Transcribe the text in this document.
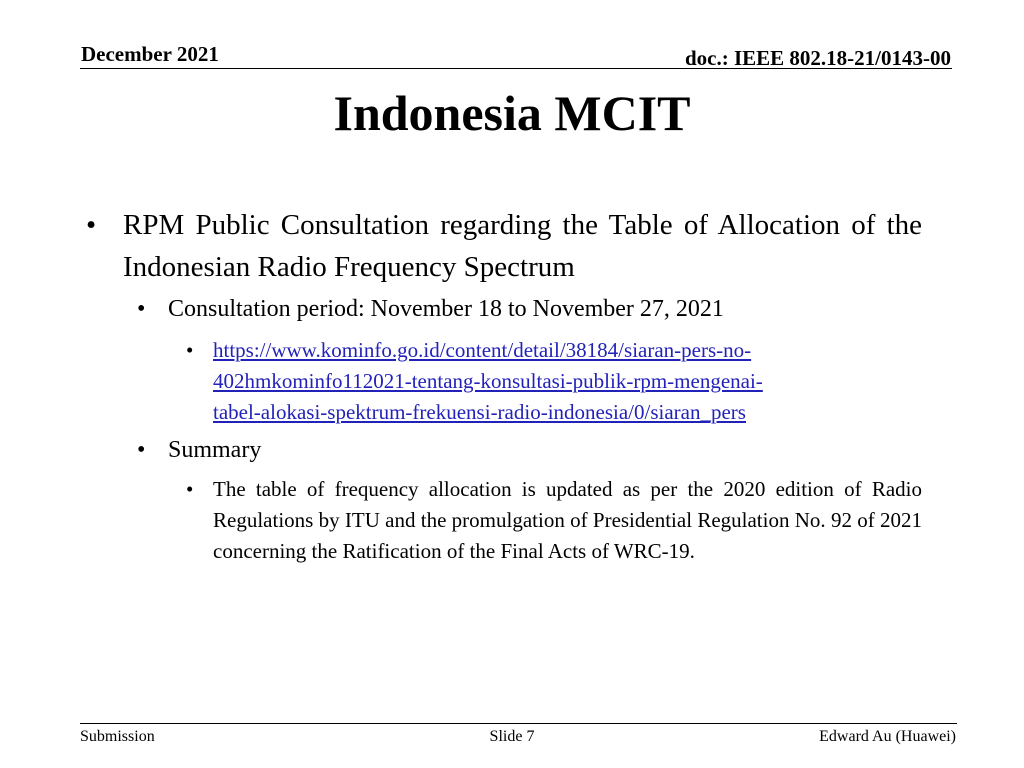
December 2021	doc.: IEEE 802.18-21/0143-00
Indonesia MCIT
• RPM Public Consultation regarding the Table of Allocation of the Indonesian Radio Frequency Spectrum
• Consultation period: November 18 to November 27, 2021
• https://www.kominfo.go.id/content/detail/38184/siaran-pers-no-
402hmkominfo112021-tentang-konsultasi-publik-rpm-mengenai-
tabel-alokasi-spektrum-frekuensi-radio-indonesia/0/siaran_pers
• Summary
• The table of frequency allocation is updated as per the 2020 edition of Radio Regulations by ITU and the promulgation of Presidential Regulation No. 92 of 2021 concerning the Ratification of the Final Acts of WRC-19.
Submission	Slide 7	Edward Au (Huawei)
